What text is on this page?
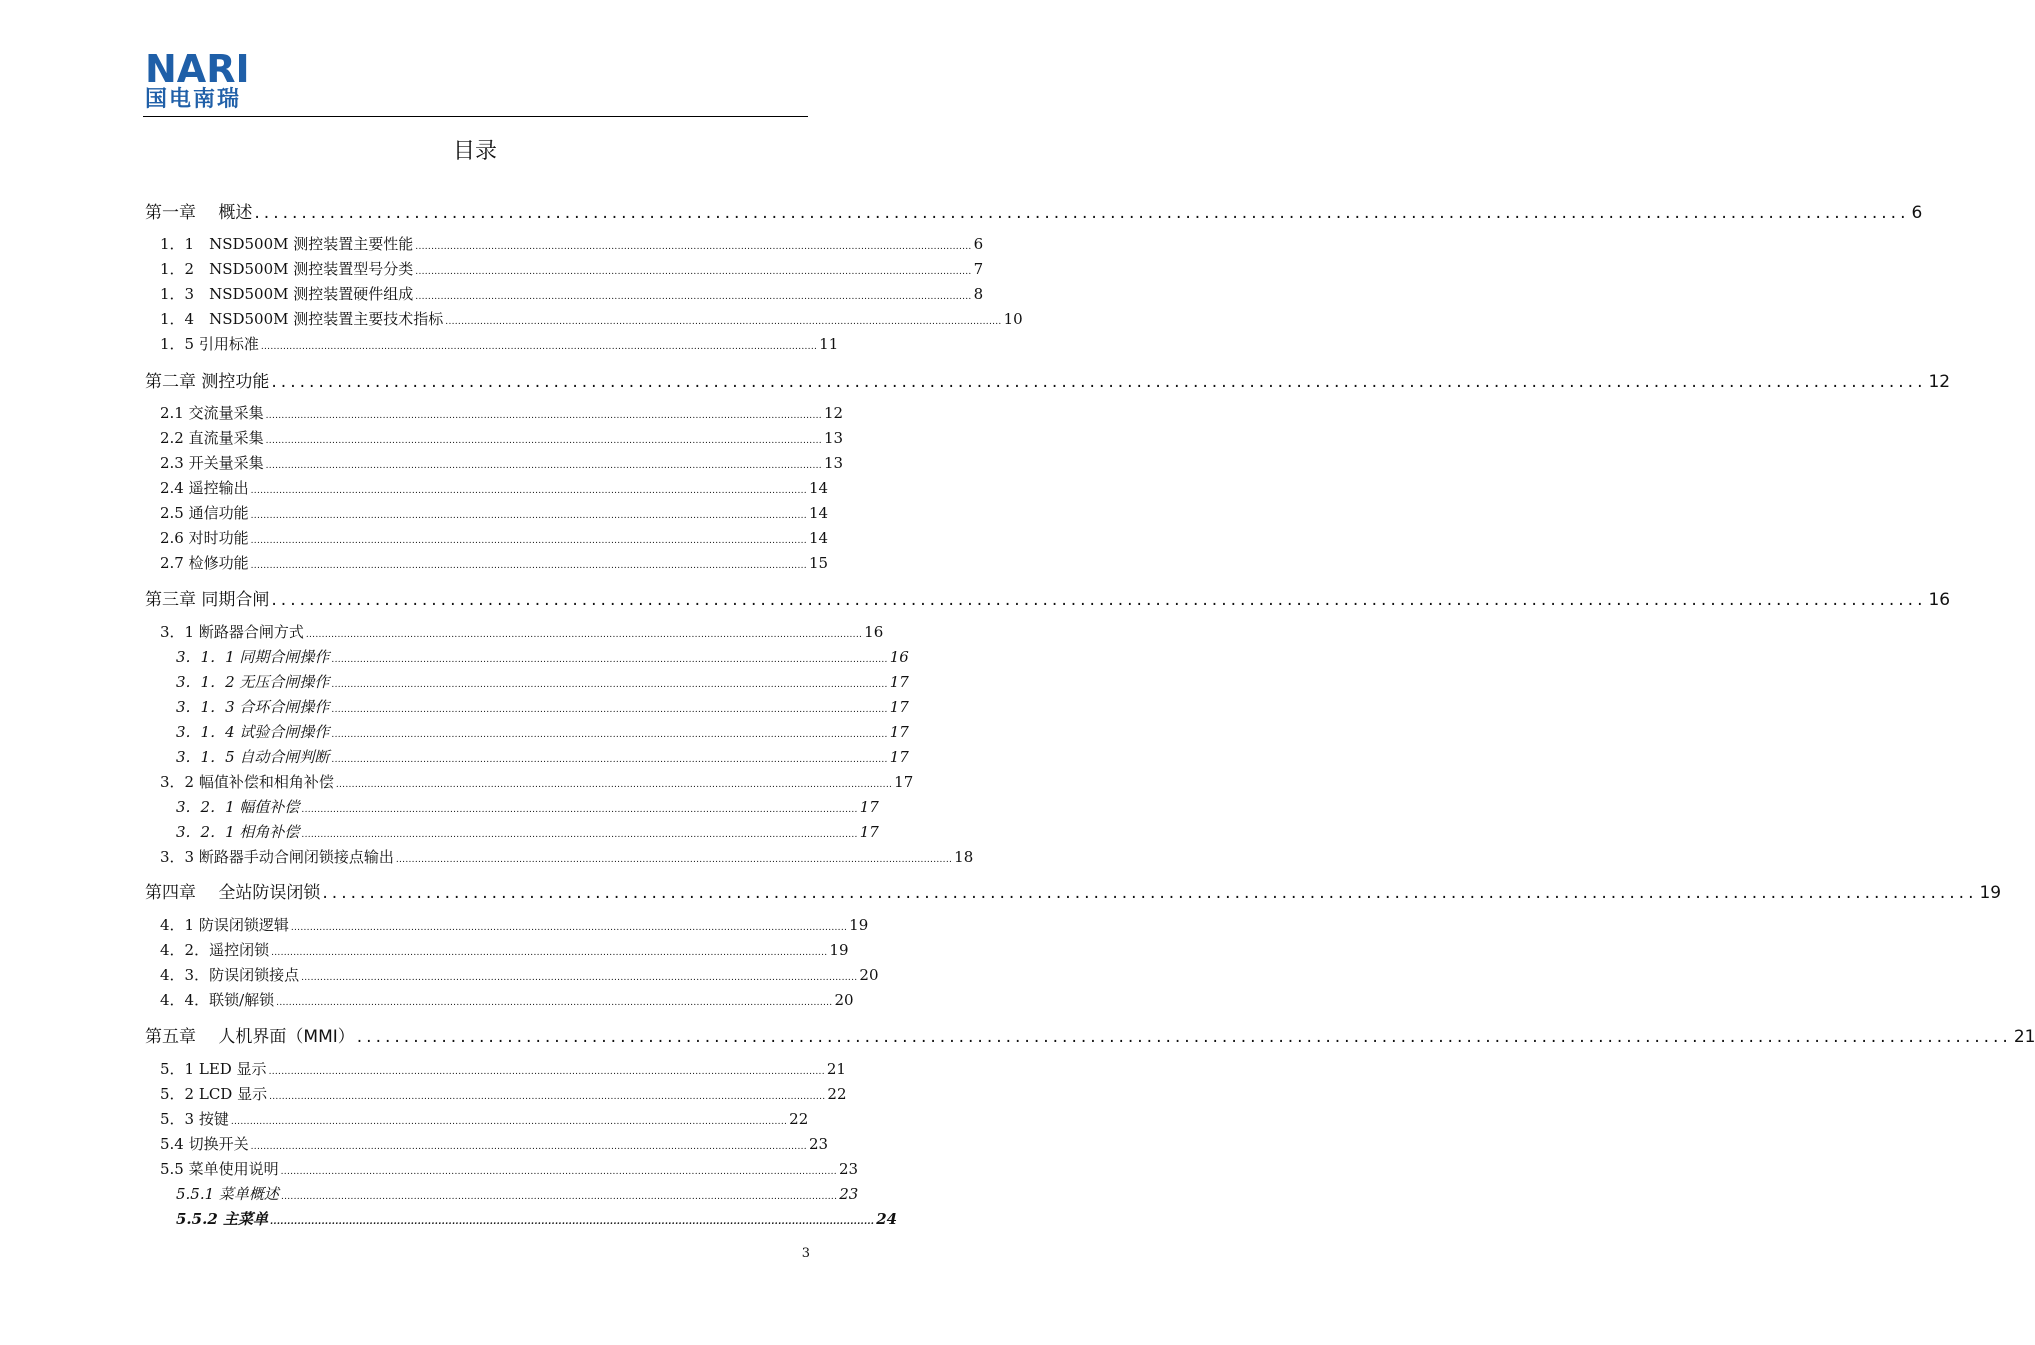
NARI
国电南瑞
目录
第一章　 概述 ................................................................................................................................................................................ 6
1．1　NSD500M 测控装置主要性能 ................................................................................................................................................................................ 6
1．2　NSD500M 测控装置型号分类 ................................................................................................................................................................................ 7
1．3　NSD500M 测控装置硬件组成 ................................................................................................................................................................................ 8
1．4　NSD500M 测控装置主要技术指标 ................................................................................................................................................................................ 10
1．5 引用标准 ................................................................................................................................................................................ 11
第二章 测控功能 ................................................................................................................................................................................ 12
2.1 交流量采集 ................................................................................................................................................................................ 12
2.2 直流量采集 ................................................................................................................................................................................ 13
2.3 开关量采集 ................................................................................................................................................................................ 13
2.4 遥控输出 ................................................................................................................................................................................ 14
2.5 通信功能 ................................................................................................................................................................................ 14
2.6 对时功能 ................................................................................................................................................................................ 14
2.7 检修功能 ................................................................................................................................................................................ 15
第三章 同期合闸 ................................................................................................................................................................................ 16
3．1 断路器合闸方式 ................................................................................................................................................................................ 16
3．1．1 同期合闸操作 ................................................................................................................................................................................ 16
3．1．2 无压合闸操作 ................................................................................................................................................................................ 17
3．1．3 合环合闸操作 ................................................................................................................................................................................ 17
3．1．4 试验合闸操作 ................................................................................................................................................................................ 17
3．1．5 自动合闸判断 ................................................................................................................................................................................ 17
3．2 幅值补偿和相角补偿 ................................................................................................................................................................................ 17
3．2．1 幅值补偿 ................................................................................................................................................................................ 17
3．2．1 相角补偿 ................................................................................................................................................................................ 17
3．3 断路器手动合闸闭锁接点输出 ................................................................................................................................................................................ 18
第四章　 全站防误闭锁 ................................................................................................................................................................................ 19
4．1 防误闭锁逻辑 ................................................................................................................................................................................ 19
4．2．遥控闭锁 ................................................................................................................................................................................ 19
4．3．防误闭锁接点 ................................................................................................................................................................................ 20
4．4．联锁/解锁 ................................................................................................................................................................................ 20
第五章　 人机界面（MMI） ................................................................................................................................................................................ 21
5．1 LED 显示 ................................................................................................................................................................................ 21
5．2 LCD 显示 ................................................................................................................................................................................ 22
5．3 按键 ................................................................................................................................................................................ 22
5.4 切换开关 ................................................................................................................................................................................ 23
5.5 菜单使用说明 ................................................................................................................................................................................ 23
5.5.1 菜单概述 ................................................................................................................................................................................ 23
5.5.2 主菜单 ................................................................................................................................................................................ 24
3
